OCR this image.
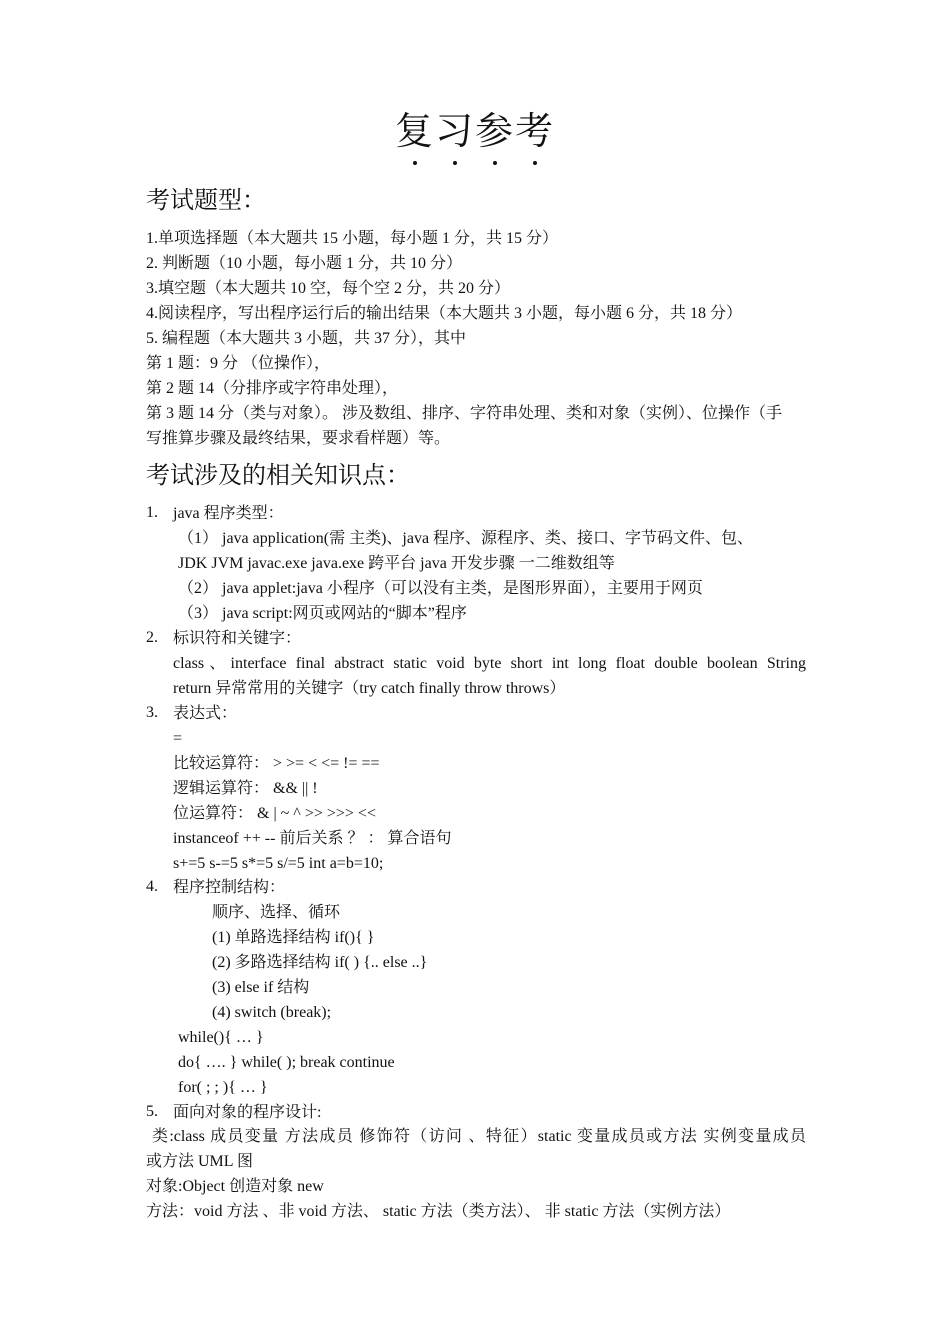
复习参考
考试题型：
1.单项选择题（本大题共 15 小题，每小题 1 分，共 15 分）
2. 判断题（10 小题，每小题 1 分，共 10 分）
3.填空题（本大题共 10 空，每个空 2 分，共 20 分）
4.阅读程序，写出程序运行后的输出结果（本大题共 3 小题，每小题 6 分，共 18 分）
5. 编程题（本大题共 3 小题，共 37 分），其中
第 1 题：9 分 （位操作），
第 2 题 14（分排序或字符串处理），
第 3 题 14 分（类与对象）。 涉及数组、排序、字符串处理、类和对象（实例）、位操作（手
写推算步骤及最终结果，要求看样题）等。
考试涉及的相关知识点：
1. java 程序类型：
（1） java application(需 主类)、java 程序、源程序、类、接口、字节码文件、包、
JDK JVM javac.exe java.exe 跨平台 java 开发步骤 一二维数组等
（2） java applet:java 小程序（可以没有主类，是图形界面），主要用于网页
（3） java script:网页或网站的“脚本”程序
2. 标识符和关键字：
class、interface final abstract static void byte short int long float double boolean String
return 异常常用的关键字（try catch finally throw throws）
3. 表达式：
=
比较运算符： > >= < <= != ==
逻辑运算符： && || !
位运算符： & | ~ ^ >> >>> <<
instanceof ++ -- 前后关系 ？ ： 算合语句
s+=5 s-=5 s*=5 s/=5 int a=b=10;
4. 程序控制结构：
顺序、选择、循环
(1) 单路选择结构 if(){ }
(2) 多路选择结构 if( ) {.. else ..}
(3) else if 结构
(4) switch (break);
while(){ … }
do{ …. } while( ); break continue
for( ; ; ){ … }
5. 面向对象的程序设计:
类:class 成员变量 方法成员 修饰符（访问 、特征）static 变量成员或方法 实例变量成员
或方法 UML 图
对象:Object 创造对象 new
方法：void 方法 、非 void 方法、 static 方法（类方法）、 非 static 方法（实例方法）
